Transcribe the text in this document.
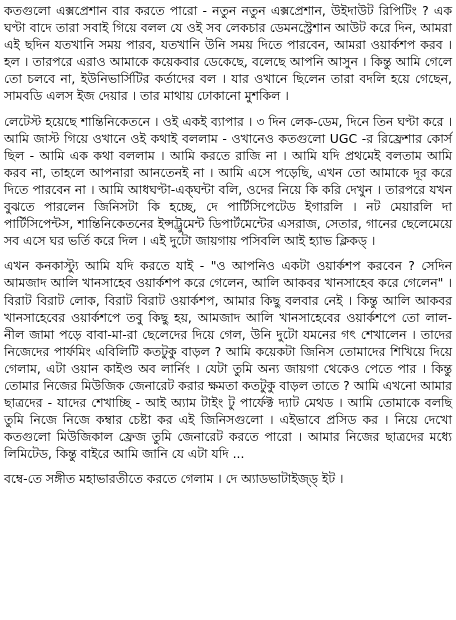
কতগুলো এক্সপ্রেশান বার করতে পারো - নতুন নতুন এক্সপ্রেশান, উইদাউট রিপিটিং ? এক ঘণ্টা বাদে তারা সবাই গিয়ে বলল যে ওই সব লেকচার ডেমনস্ট্রেশান আউট করে দিন, আমরা এই ছদিন যতখানি সময় পারব, যতখানি উনি সময় দিতে পারবেন, আমরা ওয়ার্কশপ করব । হল । তারপরে এরাও আমাকে কয়েকবার ডেকেছে, বলেছে আপনি আসুন । কিন্তু আমি গেলে তো চলবে না, ইউনিভার্সিটির কর্তাদের বল । যার ওখানে ছিলেন তারা বদলি হয়ে গেছেন, সামবডি এলস ইজ দেয়ার । তার মাথায় ঢোকানো মুশকিল ।

লেটেস্ট হয়েছে শান্তিনিকেতনে । ওই একই ব্যাপার । ৩ দিন লেক-ডেম, দিনে তিন ঘণ্টা করে । আমি জাস্ট গিয়ে ওখানে ওই কথাই বললাম - ওখানেও কতগুলো UGC -র রিফ্রেশার কোর্স ছিল - আমি এক কথা বললাম । আমি করতে রাজি না । আমি যদি প্রথমেই বলতাম আমি করব না, তাহলে আপনারা আনতেনই না । আমি এসে পড়েছি, এখন তো আমাকে দূর করে দিতে পারবেন না । আমি আধঘণ্টা-এক্ঘন্টা বলি, ওদের নিয়ে কি করি দেখুন । তারপরে যখন বুঝতে পারলেন জিনিসটা কি হচ্ছে, দে পার্টিসিপেটেড ইগারলি । নট মেয়ারলি দা পার্টিসিপেন্টস, শান্তিনিকেতনের ইন্সট্রুমেন্ট ডিপার্টমেন্টের এসরাজ, সেতার, গানের ছেলেমেয়ে সব এসে ঘর ভর্তি করে দিল । এই দুটো জায়গায় পসিবলি আই হ্যাভ ক্লিকড্ ।

এখন কনকাস্ট্যু আমি যদি করতে যাই - "ও আপনিও একটা ওয়ার্কশপ করবেন ? সেদিন আমজাদ আলি খানসাহেব ওয়ার্কশপ করে গেলেন, আলি আকবর খানসাহেব করে গেলেন" । বিরাট বিরাট লোক, বিরাট বিরাট ওয়ার্কশপ, আমার কিছু বলবার নেই । কিন্তু আলি আকবর খানসাহেবের ওয়ার্কশপে তবু কিছু হয়, আমজাদ আলি খানসাহেবের ওয়ার্কশপে তো লাল-নীল জামা পড়ে বাবা-মা-রা ছেলেদের দিয়ে গেল, উনি দুটো যমনের গৎ শেখালেন । তাদের নিজেদের পার্ফমিং এবিলিটি কতটুকু বাড়ল ? আমি কয়েকটা জিনিস তোমাদের শিখিয়ে দিয়ে গেলাম, এটা ওয়ান কাইণ্ড অব লার্নিং । যেটা তুমি অন্য জায়গা থেকেও পেতে পার । কিন্তু তোমার নিজের মিউজিক জেনারেট করার ক্ষমতা কতটুকু বাড়ল তাতে ? আমি এখনো আমার ছাত্রদের - যাদের শেখাচ্ছি - আই অ্যাম টাইং টু পার্ফেক্ট দ্যাট মেথড । আমি তোমাকে বলছি তুমি নিজে নিজে কম্বার চেষ্টা কর এই জিনিসগুলো । এইভাবে প্রসিড কর । নিয়ে দেখো কতগুলো মিউজিকাল ফ্রেজ তুমি জেনারেট করতে পারো । আমার নিজের ছাত্রদের মধ্যে লিমিটেড, কিন্তু বাইরে আমি জানি যে এটা যদি ...

বম্বে-তে সঙ্গীত মহাভারতীতে করতে গেলাম । দে অ্যাডভাটাইজ্ড্ ইট ।
